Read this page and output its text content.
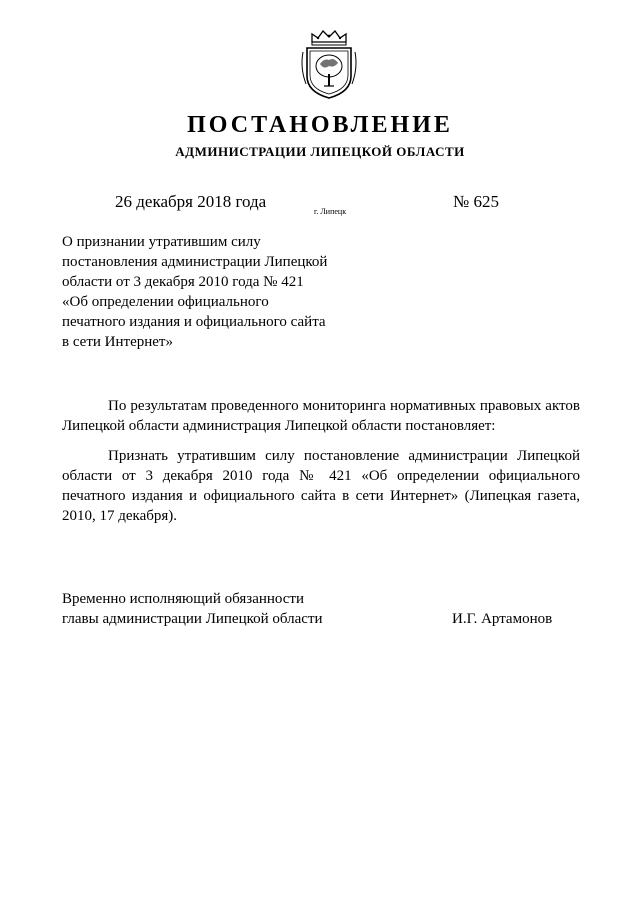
ПОСТАНОВЛЕНИЕ
АДМИНИСТРАЦИИ ЛИПЕЦКОЙ ОБЛАСТИ
26 декабря 2018 года
г. Липецк
№ 625
О признании утратившим силу
постановления администрации Липецкой
области от 3 декабря 2010 года № 421
«Об определении официального
печатного издания и официального сайта
в сети Интернет»

По результатам проведенного мониторинга нормативных правовых актов Липецкой области администрация Липецкой области постановляет:

Признать утратившим силу постановление администрации Липецкой области от 3 декабря 2010 года № 421 «Об определении официального печатного издания и официального сайта в сети Интернет» (Липецкая газета, 2010, 17 декабря).

Временно исполняющий обязанности
главы администрации Липецкой области	И.Г. Артамонов
